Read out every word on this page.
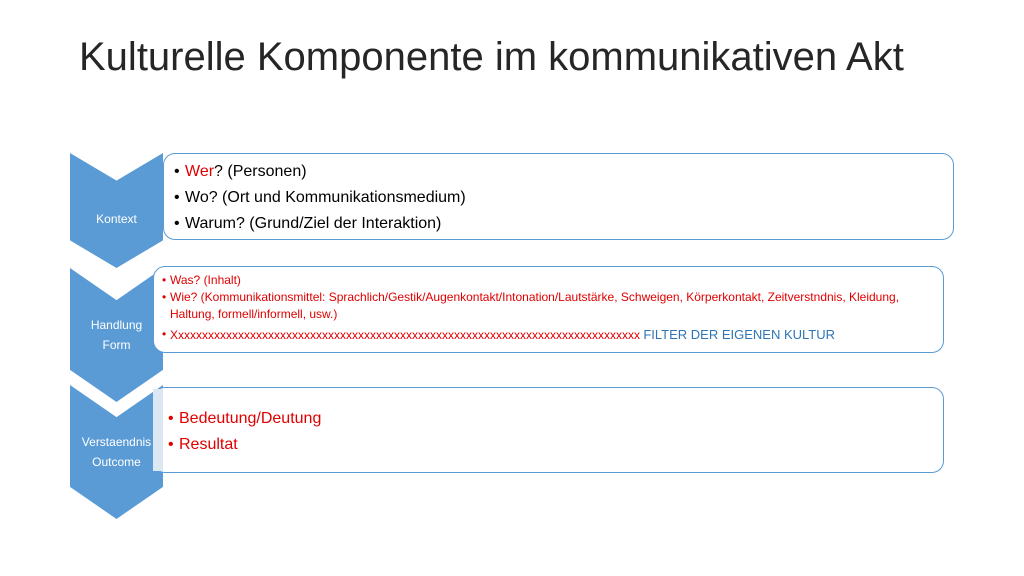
Kulturelle Komponente im kommunikativen Akt
Kontext
• Wer? (Personen)
• Wo? (Ort und Kommunikationsmedium)
• Warum? (Grund/Ziel der Interaktion)
Handlung
Form
• Was? (Inhalt)
• Wie? (Kommunikationsmittel: Sprachlich/Gestik/Augenkontakt/Intonation/Lautstärke, Schweigen, Körperkontakt, Zeitverstndnis, Kleidung, Haltung, formell/informell, usw.)
• Xxxxxxxxxxxxxxxxxxxxxxxxxxxxxxxxxxxxxxxxxxxxxxxxxxxxxxxxxxxxxxxxxxxxxxxxxxxxxx FILTER DER EIGENEN KULTUR
Verstaendnis
Outcome
• Bedeutung/Deutung
• Resultat
